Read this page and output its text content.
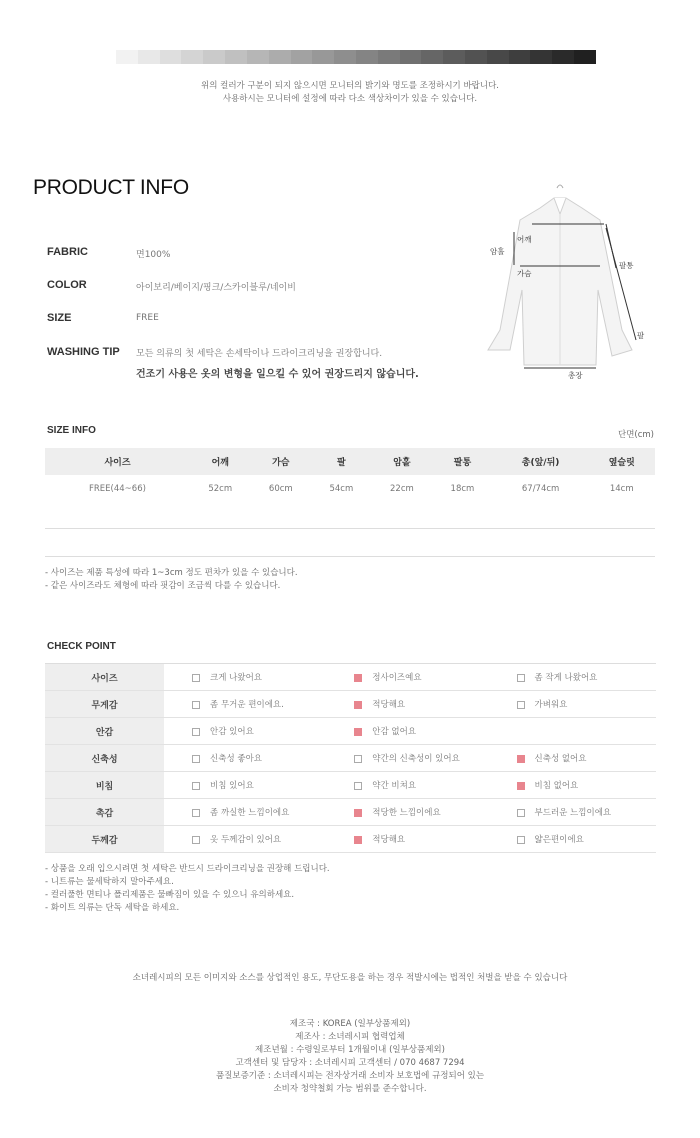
위의 컬러가 구분이 되지 않으시면 모니터의 밝기와 명도를 조정하시기 바랍니다.
사용하시는 모니터에 설정에 따라 다소 색상차이가 있을 수 있습니다.
PRODUCT INFO
FABRIC	면100%
COLOR	아이보리/베이지/핑크/스카이블루/네이비
SIZE	FREE
WASHING TIP 모든 의류의 첫 세탁은 손세탁이나 드라이크리닝을 권장합니다.
건조기 사용은 옷의 변형을 일으킬 수 있어 권장드리지 않습니다.
암홀
어깨
가슴
팔통
팔
총장
SIZE INFO	단면(cm)
사이즈	어깨	가슴	팔	암홀	팔통	총(앞/뒤)	옆슬릿
FREE(44~66)	52cm	60cm	54cm	22cm	18cm	67/74cm	14cm
- 사이즈는 제품 특성에 따라 1~3cm 정도 편차가 있을 수 있습니다.
- 같은 사이즈라도 체형에 따라 핏감이 조금씩 다를 수 있습니다.
CHECK POINT
사이즈	크게 나왔어요	정사이즈예요	좀 작게 나왔어요
무게감	좀 무거운 편이에요.	적당해요	가벼워요
안감	안감 있어요	안감 없어요	
신축성	신축성 좋아요	약간의 신축성이 있어요	신축성 없어요
비침	비침 있어요	약간 비쳐요	비침 없어요
촉감	좀 까실한 느낌이에요	적당한 느낌이에요	부드러운 느낌이에요
두께감	옷 두께감이 있어요	적당해요	얇은편이에요
- 상품을 오래 입으시려면 첫 세탁은 반드시 드라이크리닝을 권장해 드립니다.
- 니트류는 물세탁하지 말아주세요.
- 컬러풀한 면티나 폴리제품은 물빠짐이 있을 수 있으니 유의하세요.
- 화이트 의류는 단독 세탁을 하세요.
소녀레시피의 모든 이미지와 소스를 상업적인 용도, 무단도용을 하는 경우 적발시에는 법적인 처벌을 받을 수 있습니다
제조국 : KOREA (일부상품제외)
제조사 : 소녀레시피 협력업체
제조년월 : 수령일로부터 1개월이내 (일부상품제외)
고객센터 및 담당자 : 소녀레시피 고객센터 / 070 4687 7294
품질보증기준 : 소녀레시피는 전자상거래 소비자 보호법에 규정되어 있는
소비자 청약철회 가능 범위를 준수합니다.
